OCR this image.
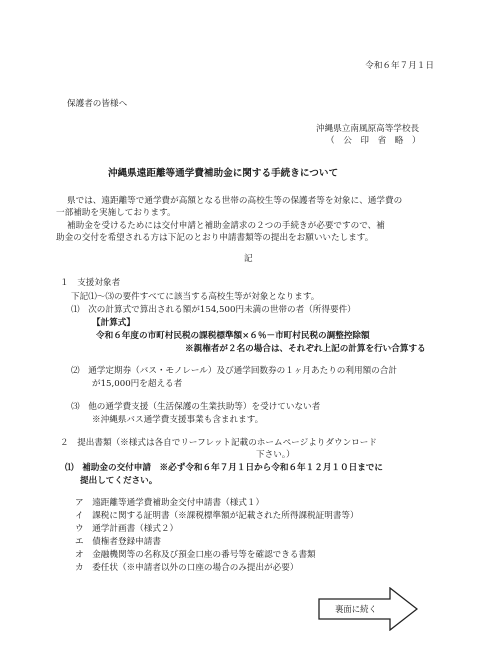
令和６年７月１日
保護者の皆様へ
沖縄県立南風原高等学校長
（　公　印　省　略　）
沖縄県遠距離等通学費補助金に関する手続きについて
県では、遠距離等で通学費が高額となる世帯の高校生等の保護者等を対象に、通学費の
一部補助を実施しております。
補助金を受けるためには交付申請と補助金請求の２つの手続きが必要ですので、補
助金の交付を希望される方は下記のとおり申請書類等の提出をお願いいたします。
記
１　支援対象者
下記⑴～⑶の要件すべてに該当する高校生等が対象となります。
⑴　次の計算式で算出される額が154,500円未満の世帯の者（所得要件）
【計算式】
令和６年度の市町村民税の課税標準額×６％－市町村民税の調整控除額
※親権者が２名の場合は、それぞれ上記の計算を行い合算する
⑵　通学定期券（バス・モノレール）及び通学回数券の１ヶ月あたりの利用額の合計
が15,000円を超える者
⑶　他の通学費支援（生活保護の生業扶助等）を受けていない者
※沖縄県バス通学費支援事業も含まれます。
２　提出書類（※様式は各自でリーフレット記載のホームページよりダウンロード
下さい。）
⑴　補助金の交付申請　※必ず令和６年７月１日から令和６年１２月１０日までに
提出してください。
ア　遠距離等通学費補助金交付申請書（様式１）
イ　課税に関する証明書（※課税標準額が記載された所得課税証明書等）
ウ　通学計画書（様式２）
エ　債権者登録申請書
オ　金融機関等の名称及び預金口座の番号等を確認できる書類
カ　委任状（※申請者以外の口座の場合のみ提出が必要）
裏面に続く
